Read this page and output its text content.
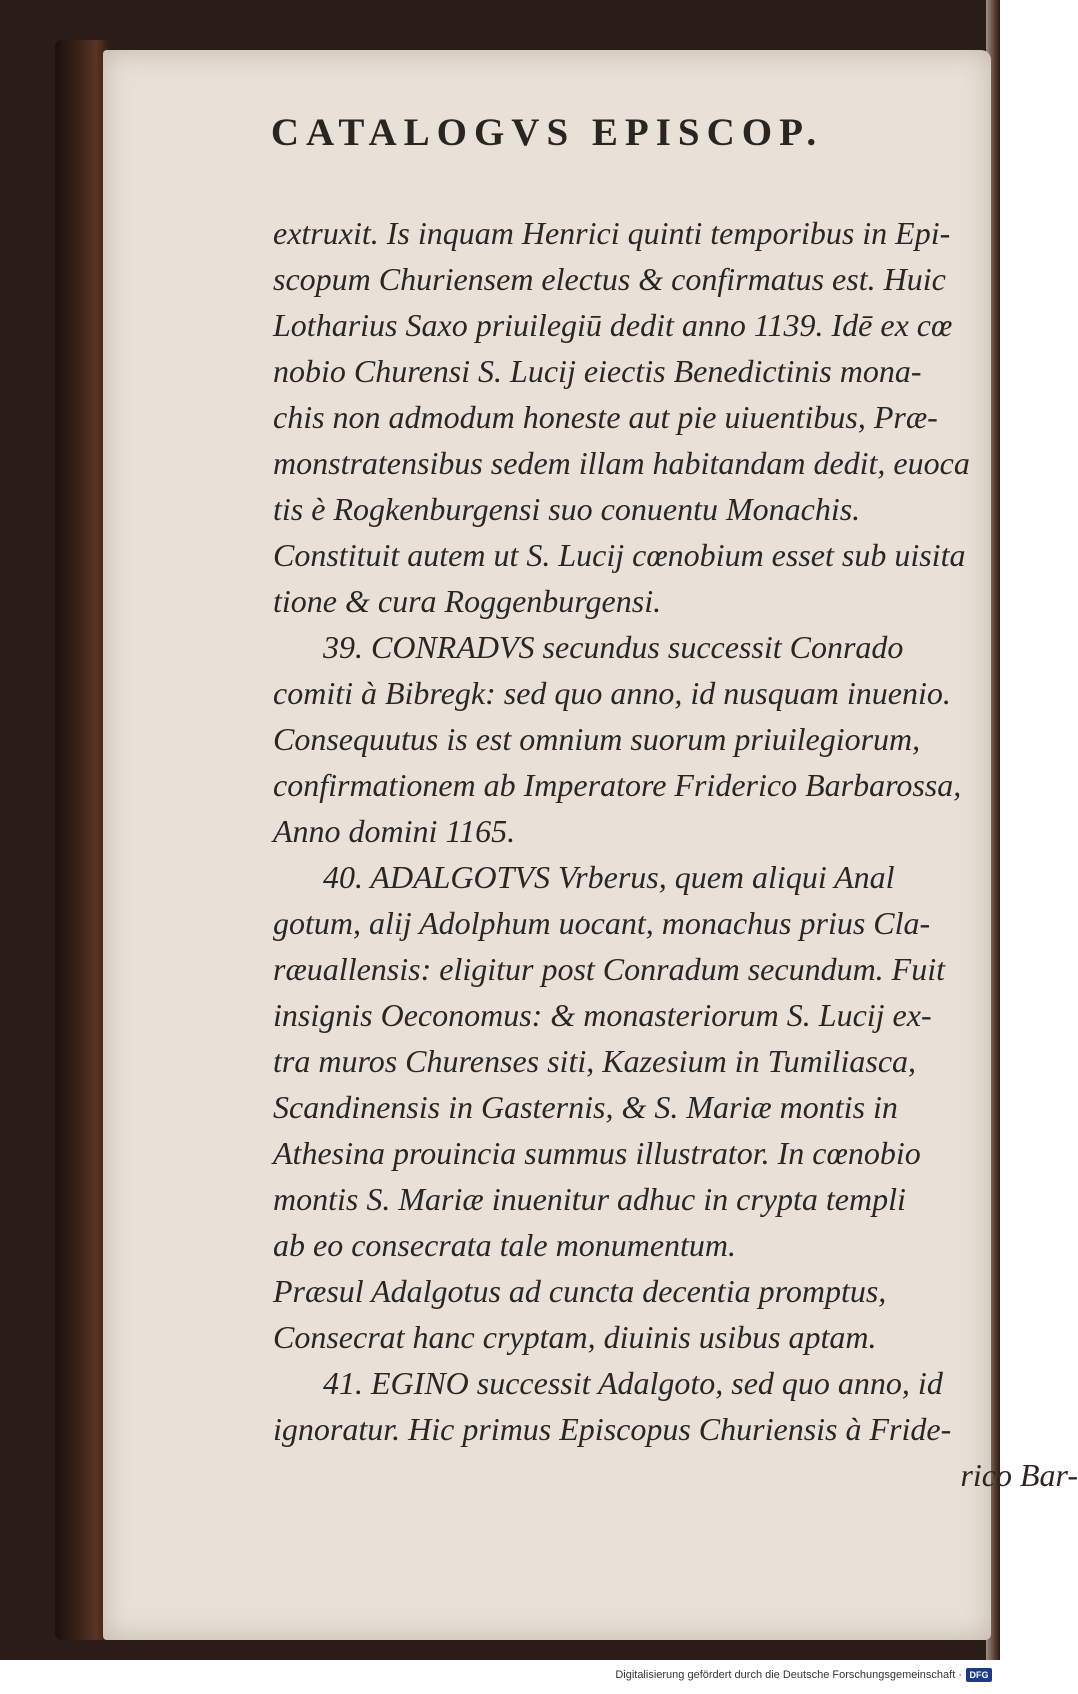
CATALOGVS EPISCOP.
extruxit. Is inquam Henrici quinti temporibus in Epi-
scopum Churiensem electus & confirmatus est. Huic
Lotharius Saxo priuilegiū dedit anno 1139. Idē ex cœ
nobio Churensi S. Lucij eiectis Benedictinis mona-
chis non admodum honeste aut pie uiuentibus, Præ-
monstratensibus sedem illam habitandam dedit, euoca
tis è Rogkenburgensi suo conuentu Monachis.
Constituit autem ut S. Lucij cœnobium esset sub uisita
tione & cura Roggenburgensi.
39. CONRADVS secundus successit Conrado
comiti à Bibregk: sed quo anno, id nusquam inuenio.
Consequutus is est omnium suorum priuilegiorum,
confirmationem ab Imperatore Friderico Barbarossa,
Anno domini 1165.
40. ADALGOTVS Vrberus, quem aliqui Anal
gotum, alij Adolphum uocant, monachus prius Cla-
ræuallensis: eligitur post Conradum secundum. Fuit
insignis Oeconomus: & monasteriorum S. Lucij ex-
tra muros Churenses siti, Kazesium in Tumiliasca,
Scandinensis in Gasternis, & S. Mariæ montis in
Athesina prouincia summus illustrator. In cœnobio
montis S. Mariæ inuenitur adhuc in crypta templi
ab eo consecrata tale monumentum.
Præsul Adalgotus ad cuncta decentia promptus,
Consecrat hanc cryptam, diuinis usibus aptam.
41. EGINO successit Adalgoto, sed quo anno, id
ignoratur. Hic primus Episcopus Churiensis à Fride-
rico Bar-
Digitalisierung gefördert durch die Deutsche Forschungsgemeinschaft · DFG
